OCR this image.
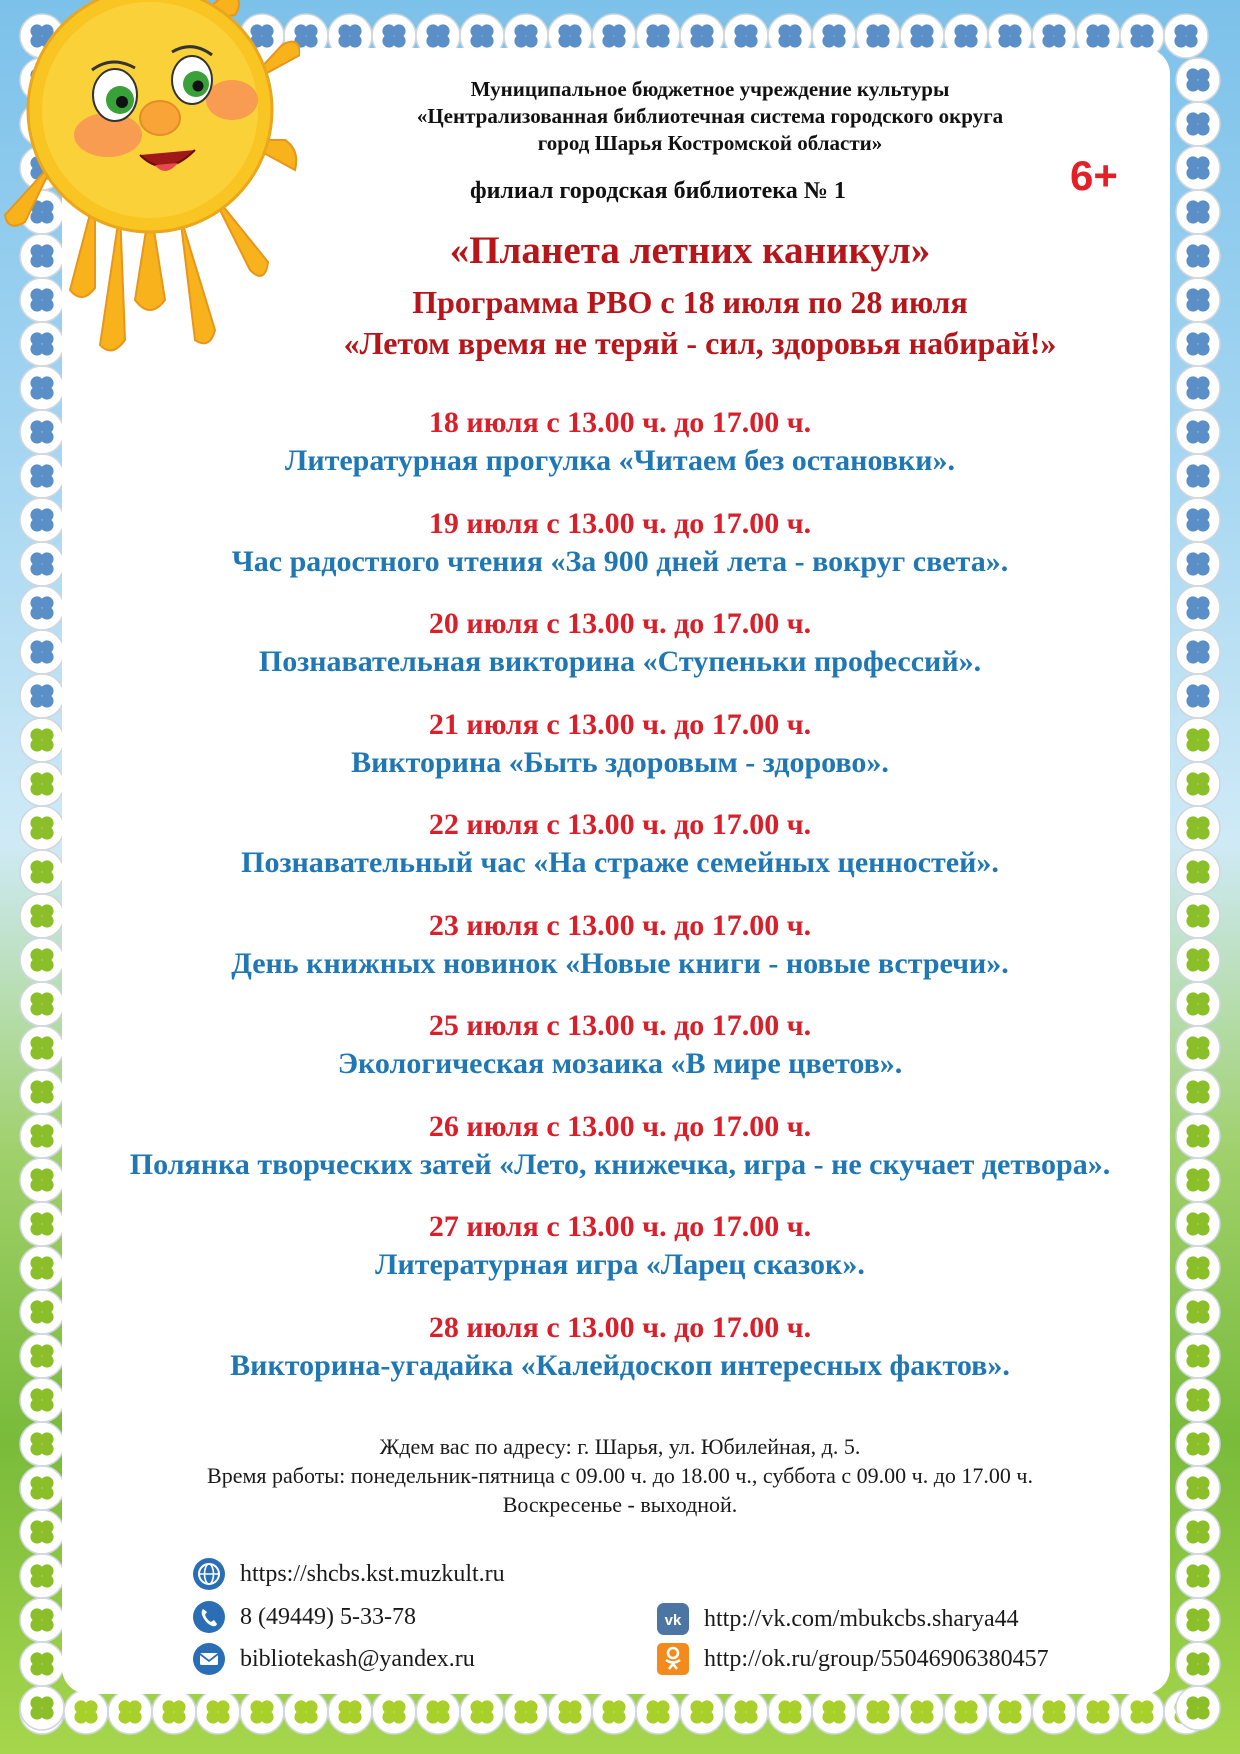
Муниципальное бюджетное учреждение культуры
«Централизованная библиотечная система городского округа
город Шарья Костромской области»
филиал городская библиотека № 1	6+
«Планета летних каникул»
Программа РВО с 18 июля по 28 июля
«Летом время не теряй - сил, здоровья набирай!»
18 июля с 13.00 ч. до 17.00 ч.
Литературная прогулка «Читаем без остановки».
19 июля с 13.00 ч. до 17.00 ч.
Час радостного чтения «За 900 дней лета - вокруг света».
20 июля с 13.00 ч. до 17.00 ч.
Познавательная викторина «Ступеньки профессий».
21 июля с 13.00 ч. до 17.00 ч.
Викторина «Быть здоровым - здорово».
22 июля с 13.00 ч. до 17.00 ч.
Познавательный час «На страже семейных ценностей».
23 июля с 13.00 ч. до 17.00 ч.
День книжных новинок «Новые книги - новые встречи».
25 июля с 13.00 ч. до 17.00 ч.
Экологическая мозаика «В мире цветов».
26 июля с 13.00 ч. до 17.00 ч.
Полянка творческих затей «Лето, книжечка, игра - не скучает детвора».
27 июля с 13.00 ч. до 17.00 ч.
Литературная игра «Ларец сказок».
28 июля с 13.00 ч. до 17.00 ч.
Викторина-угадайка «Калейдоскоп интересных фактов».
Ждем вас по адресу: г. Шарья, ул. Юбилейная, д. 5.
Время работы: понедельник-пятница с 09.00 ч. до 18.00 ч., суббота с 09.00 ч. до 17.00 ч.
Воскресенье - выходной.
https://shcbs.kst.muzkult.ru
8 (49449) 5-33-78
bibliotekash@yandex.ru
vk http://vk.com/mbukcbs.sharya44
http://ok.ru/group/55046906380457
